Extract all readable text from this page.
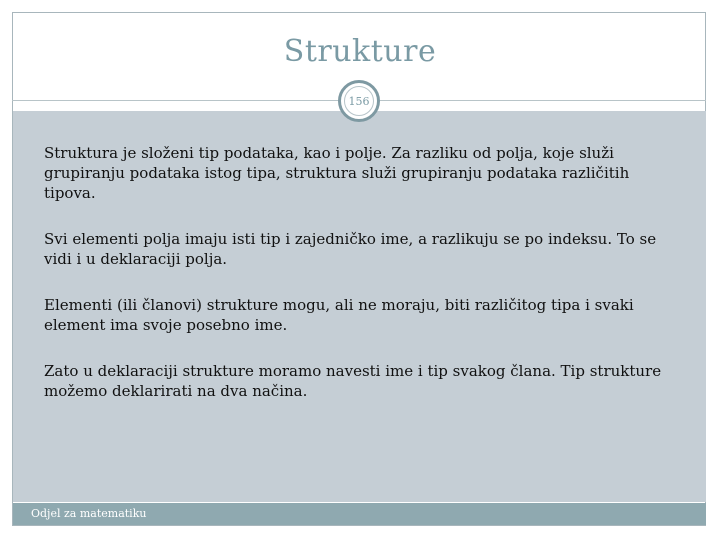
Strukture
156
Struktura je složeni tip podataka, kao i polje. Za razliku od polja, koje služi grupiranju podataka istog tipa, struktura služi grupiranju podataka različitih tipova.
Svi elementi polja imaju isti tip i zajedničko ime, a razlikuju se po indeksu. To se vidi i u deklaraciji polja.
Elementi (ili članovi) strukture mogu, ali ne moraju, biti različitog tipa i svaki element ima svoje posebno ime.
Zato u deklaraciji strukture moramo navesti ime i tip svakog člana. Tip strukture možemo deklarirati na dva načina.
Odjel za matematiku
